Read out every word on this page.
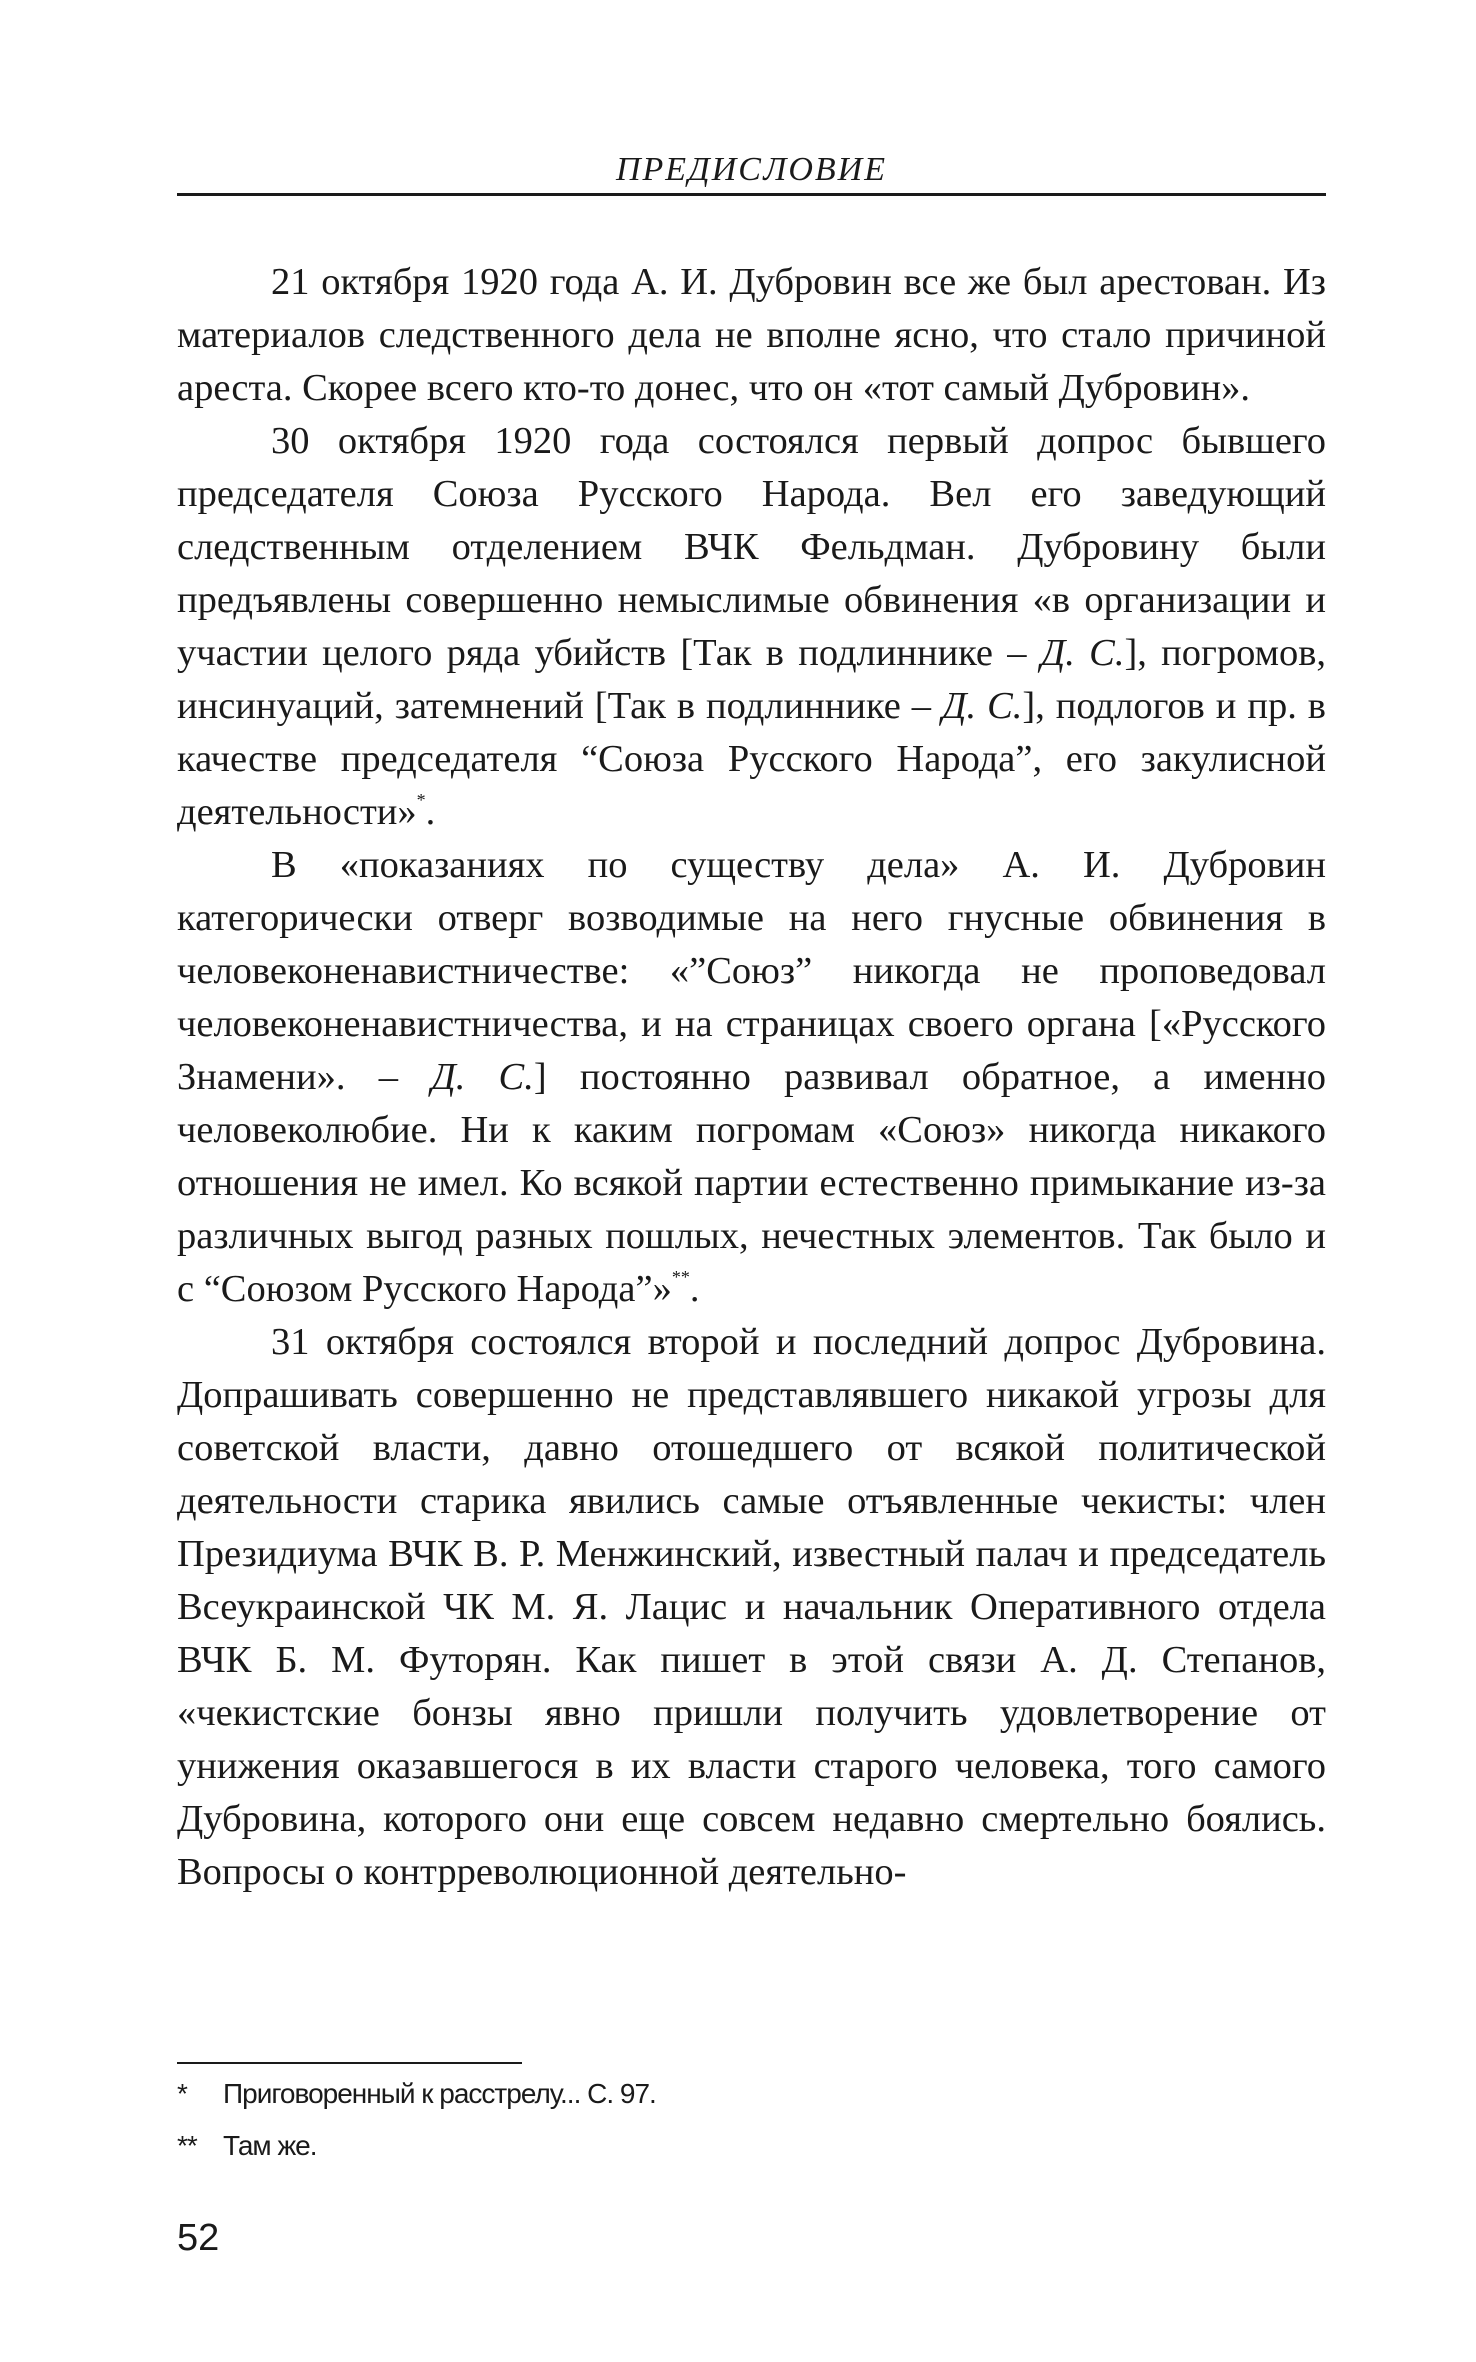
ПРЕДИСЛОВИЕ

21 октября 1920 года А. И. Дубровин все же был арестован. Из материалов следственного дела не вполне ясно, что стало причиной ареста. Скорее всего кто-то донес, что он «тот самый Дубровин».

30 октября 1920 года состоялся первый допрос бывшего председателя Союза Русского Народа. Вел его заведующий следственным отделением ВЧК Фельдман. Дубровину были предъявлены совершенно немыслимые обвинения «в организации и участии целого ряда убийств [Так в подлиннике – Д. С.], погромов, инсинуаций, затемнений [Так в подлиннике – Д. С.], подлогов и пр. в качестве председателя “Союза Русского Народа”, его закулисной деятельности»*.

В «показаниях по существу дела» А. И. Дубровин категорически отверг возводимые на него гнусные обвинения в человеконенавистничестве: «”Союз” никогда не проповедовал человеконенавистничества, и на страницах своего органа [«Русского Знамени». – Д. С.] постоянно развивал обратное, а именно человеколюбие. Ни к каким погромам «Союз» никогда никакого отношения не имел. Ко всякой партии естественно примыкание из-за различных выгод разных пошлых, нечестных элементов. Так было и с “Союзом Русского Народа”»**.

31 октября состоялся второй и последний допрос Дубровина. Допрашивать совершенно не представлявшего никакой угрозы для советской власти, давно отошедшего от всякой политической деятельности старика явились самые отъявленные чекисты: член Президиума ВЧК В. Р. Менжинский, известный палач и председатель Всеукраинской ЧК М. Я. Лацис и начальник Оперативного отдела ВЧК Б. М. Футорян. Как пишет в этой связи А. Д. Степанов, «чекистские бонзы явно пришли получить удовлетворение от унижения оказавшегося в их власти старого человека, того самого Дубровина, которого они еще совсем недавно смертельно боялись. Вопросы о контрреволюционной деятельно-

* Приговоренный к расстрелу... С. 97.
** Там же.
52
